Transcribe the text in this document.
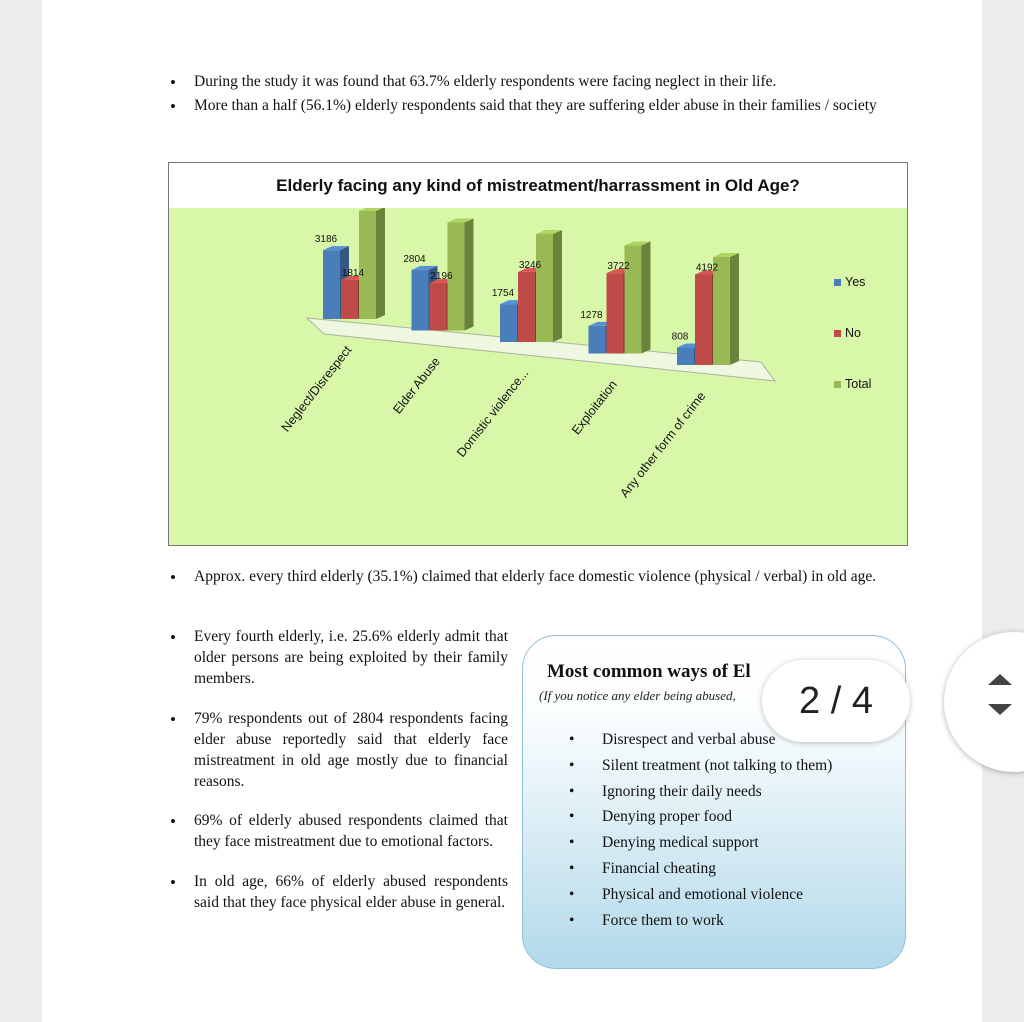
• During the study it was found that 63.7% elderly respondents were facing neglect in their life.
• More than a half (56.1%) elderly respondents said that they are suffering elder abuse in their families / society
Elderly facing any kind of mistreatment/harrassment in Old Age?
3186
1814
2804
2196
1754
3246
1278
3722
808
4192
Neglect/Disrespect	Elder Abuse Domistic violence...	Exploitation
Any other form of crime
Yes
No
Total
• Approx. every third elderly (35.1%) claimed that elderly face domestic violence (physical / verbal) in old age.
• Every fourth elderly, i.e. 25.6% elderly admit that older persons are being exploited by their family members.
• 79% respondents out of 2804 respondents facing elder abuse reportedly said that elderly face mistreatment in old age mostly due to financial reasons.
• 69% of elderly abused respondents claimed that they face mistreatment due to emotional factors.
• In old age, 66% of elderly abused respondents said that they face physical elder abuse in general.
Most common ways of El
(If you notice any elder being abused,
• Disrespect and verbal abuse
• Silent treatment (not talking to them)
• Ignoring their daily needs
• Denying proper food
• Denying medical support
• Financial cheating
• Physical and emotional violence
• Force them to work
2 / 4
